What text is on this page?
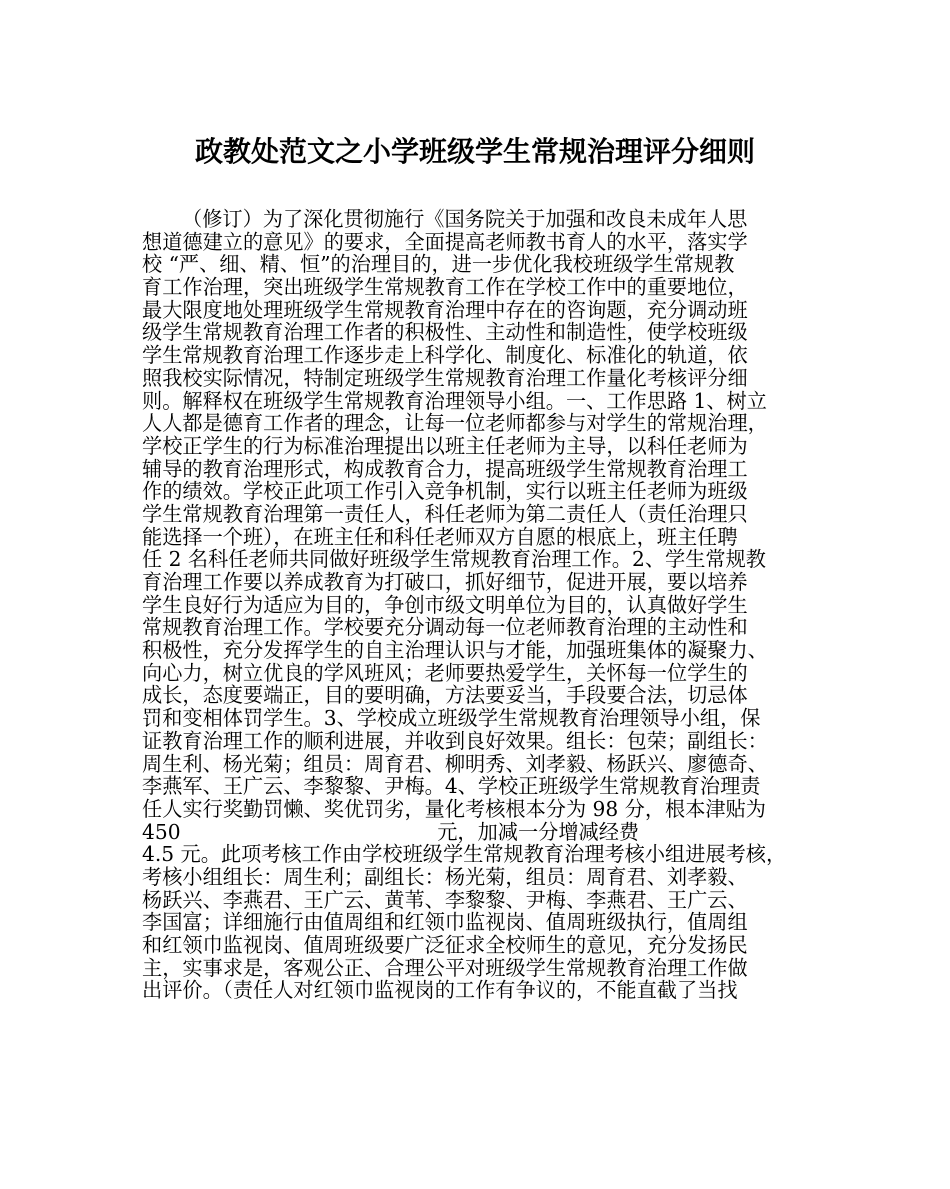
政教处范文之小学班级学生常规治理评分细则
（修订）为了深化贯彻施行《国务院关于加强和改良未成年人思
想道德建立的意见》的要求，全面提高老师教书育人的水平，落实学
校 “严、细、精、恒”的治理目的，进一步优化我校班级学生常规教
育工作治理，突出班级学生常规教育工作在学校工作中的重要地位，
最大限度地处理班级学生常规教育治理中存在的咨询题，充分调动班
级学生常规教育治理工作者的积极性、主动性和制造性，使学校班级
学生常规教育治理工作逐步走上科学化、制度化、标准化的轨道，依
照我校实际情况，特制定班级学生常规教育治理工作量化考核评分细
则。解释权在班级学生常规教育治理领导小组。一、工作思路 1、树立
人人都是德育工作者的理念，让每一位老师都参与对学生的常规治理，
学校正学生的行为标准治理提出以班主任老师为主导，以科任老师为
辅导的教育治理形式，构成教育合力，提高班级学生常规教育治理工
作的绩效。学校正此项工作引入竞争机制，实行以班主任老师为班级
学生常规教育治理第一责任人，科任老师为第二责任人（责任治理只
能选择一个班），在班主任和科任老师双方自愿的根底上，班主任聘
任 2 名科任老师共同做好班级学生常规教育治理工作。2、学生常规教
育治理工作要以养成教育为打破口，抓好细节，促进开展，要以培养
学生良好行为适应为目的，争创市级文明单位为目的，认真做好学生
常规教育治理工作。学校要充分调动每一位老师教育治理的主动性和
积极性，充分发挥学生的自主治理认识与才能，加强班集体的凝聚力、
向心力，树立优良的学风班风；老师要热爱学生，关怀每一位学生的
成长，态度要端正，目的要明确，方法要妥当，手段要合法，切忌体
罚和变相体罚学生。3、学校成立班级学生常规教育治理领导小组，保
证教育治理工作的顺利进展，并收到良好效果。组长：包荣；副组长：
周生利、杨光菊；组员：周育君、柳明秀、刘孝毅、杨跃兴、廖德奇、
李燕军、王广云、李黎黎、尹梅。4、学校正班级学生常规教育治理责
任人实行奖勤罚懒、奖优罚劣，量化考核根本分为 98 分，根本津贴为
450                                        元，加减一分增减经费
4.5 元。此项考核工作由学校班级学生常规教育治理考核小组进展考核，
考核小组组长：周生利；副组长：杨光菊，组员：周育君、刘孝毅、
杨跃兴、李燕君、王广云、黄苇、李黎黎、尹梅、李燕君、王广云、
李国富；详细施行由值周组和红领巾监视岗、值周班级执行，值周组
和红领巾监视岗、值周班级要广泛征求全校师生的意见，充分发扬民
主，实事求是，客观公正、合理公平对班级学生常规教育治理工作做
出评价。（责任人对红领巾监视岗的工作有争议的，不能直截了当找
